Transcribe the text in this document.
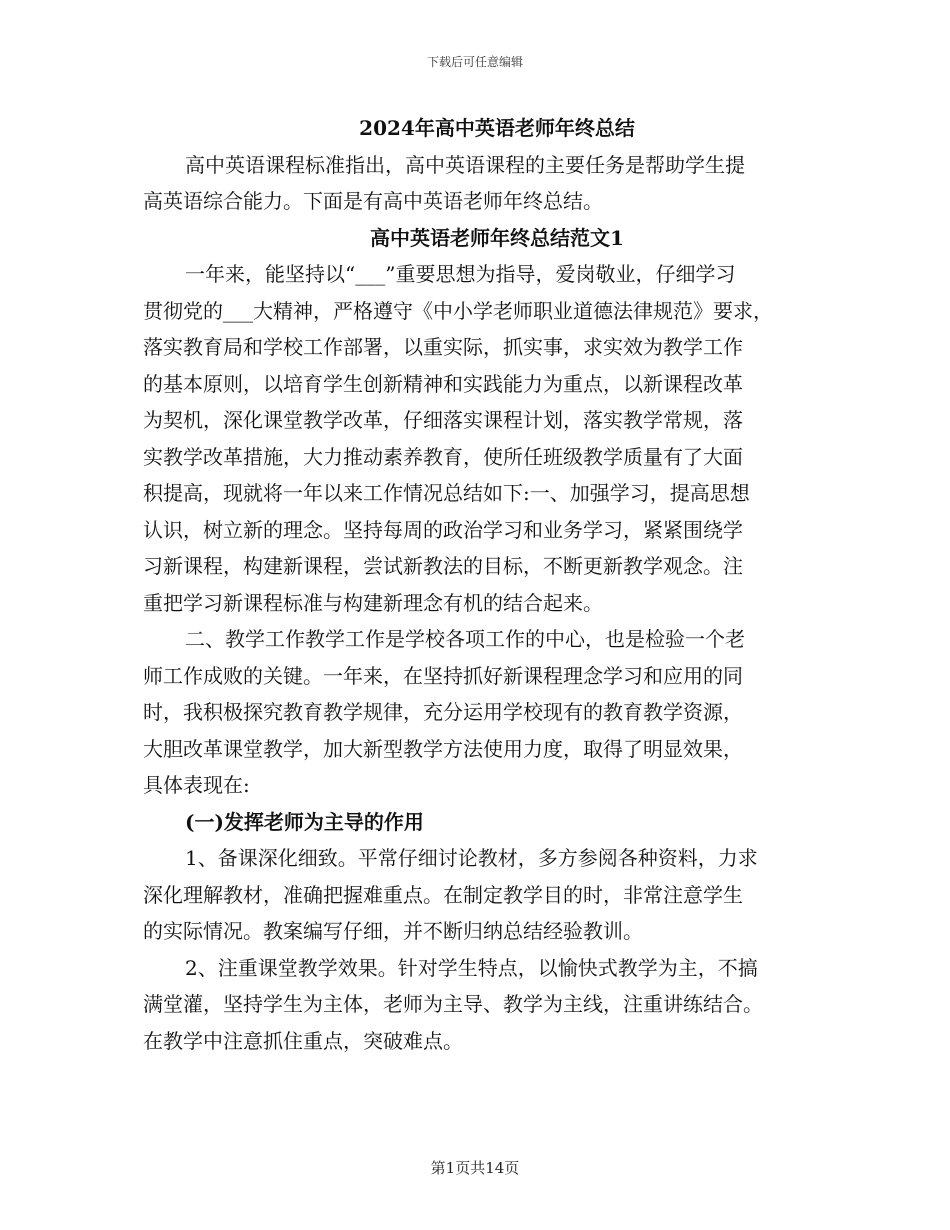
下载后可任意编辑
2024年高中英语老师年终总结
高中英语课程标准指出，高中英语课程的主要任务是帮助学生提
高英语综合能力。下面是有高中英语老师年终总结。
高中英语老师年终总结范文1
一年来，能坚持以“___”重要思想为指导，爱岗敬业，仔细学习
贯彻党的___大精神，严格遵守《中小学老师职业道德法律规范》要求，
落实教育局和学校工作部署，以重实际，抓实事，求实效为教学工作
的基本原则，以培育学生创新精神和实践能力为重点，以新课程改革
为契机，深化课堂教学改革，仔细落实课程计划，落实教学常规，落
实教学改革措施，大力推动素养教育，使所任班级教学质量有了大面
积提高，现就将一年以来工作情况总结如下:一、加强学习，提高思想
认识，树立新的理念。坚持每周的政治学习和业务学习，紧紧围绕学
习新课程，构建新课程，尝试新教法的目标，不断更新教学观念。注
重把学习新课程标准与构建新理念有机的结合起来。
二、教学工作教学工作是学校各项工作的中心，也是检验一个老
师工作成败的关键。一年来，在坚持抓好新课程理念学习和应用的同
时，我积极探究教育教学规律，充分运用学校现有的教育教学资源，
大胆改革课堂教学，加大新型教学方法使用力度，取得了明显效果，
具体表现在:
(一)发挥老师为主导的作用
1、备课深化细致。平常仔细讨论教材，多方参阅各种资料，力求
深化理解教材，准确把握难重点。在制定教学目的时，非常注意学生
的实际情况。教案编写仔细，并不断归纳总结经验教训。
2、注重课堂教学效果。针对学生特点，以愉快式教学为主，不搞
满堂灌，坚持学生为主体，老师为主导、教学为主线，注重讲练结合。
在教学中注意抓住重点，突破难点。
第1页共14页
